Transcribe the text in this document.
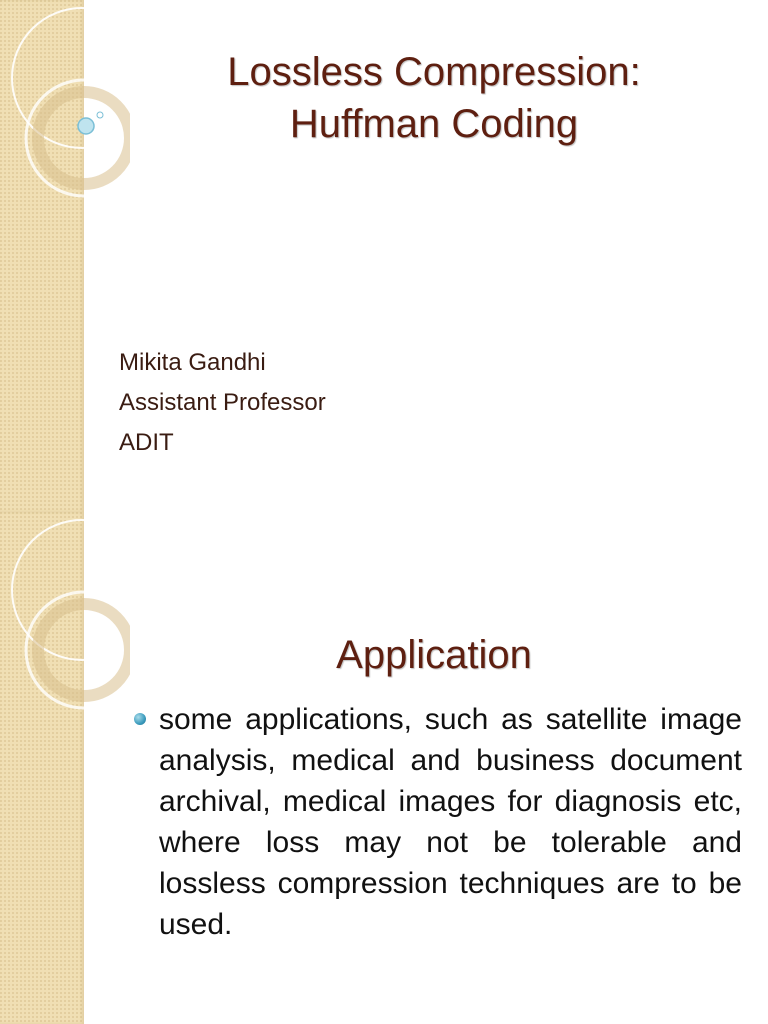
Lossless Compression:
Huffman Coding
Mikita Gandhi
Assistant Professor
ADIT
Application
some applications, such as satellite image analysis, medical and business document archival, medical images for diagnosis etc, where loss may not be tolerable and lossless compression techniques are to be used.
